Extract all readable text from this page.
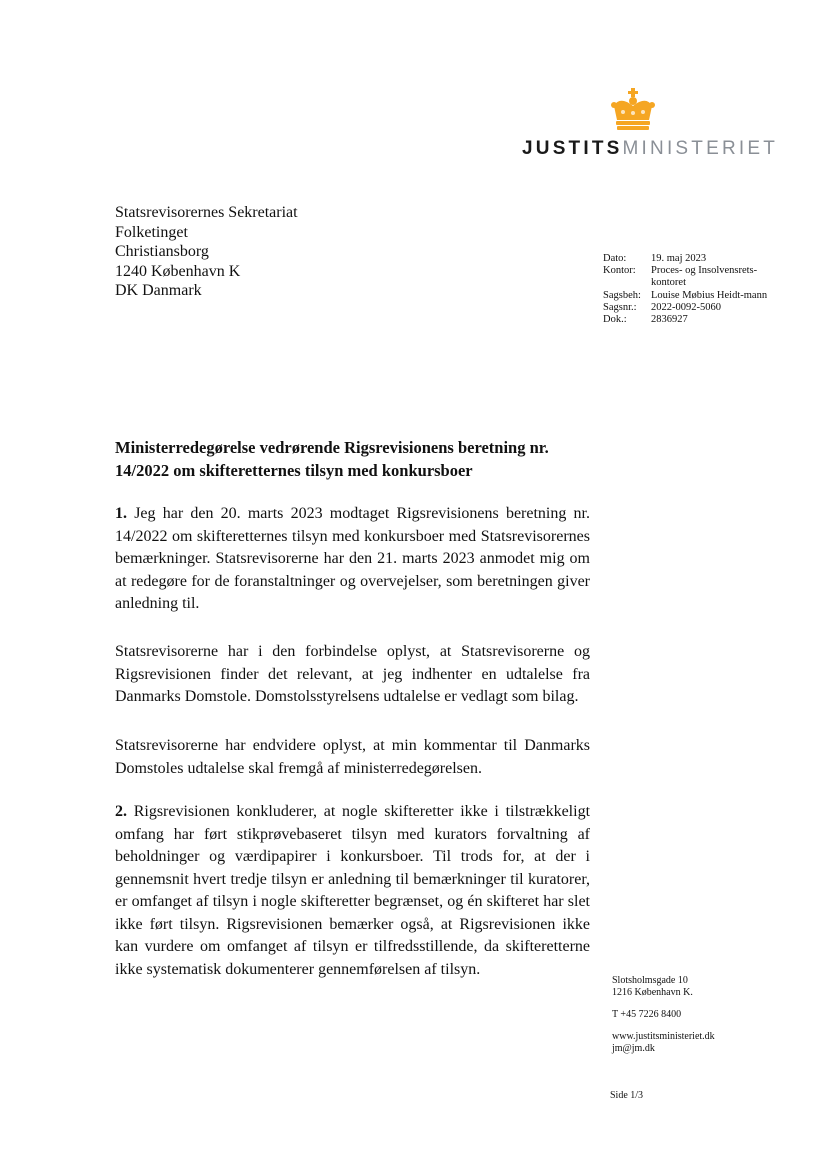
JUSTITSMINISTERIET
Statsrevisorernes Sekretariat
Folketinget
Christiansborg
1240 København K
DK Danmark
Dato:	19. maj 2023
Kontor:	Proces- og Insolvensrets-kontoret
Sagsbeh: Louise Møbius Heidt-mann
Sagsnr.:	2022-0092-5060
Dok.:	2836927
Ministerredegørelse vedrørende Rigsrevisionens beretning nr. 14/2022 om skifteretternes tilsyn med konkursboer
1. Jeg har den 20. marts 2023 modtaget Rigsrevisionens beretning nr. 14/2022 om skifteretternes tilsyn med konkursboer med Statsrevisorernes bemærkninger. Statsrevisorerne har den 21. marts 2023 anmodet mig om at redegøre for de foranstaltninger og overvejelser, som beretningen giver anledning til.
Statsrevisorerne har i den forbindelse oplyst, at Statsrevisorerne og Rigsrevisionen finder det relevant, at jeg indhenter en udtalelse fra Danmarks Domstole. Domstolsstyrelsens udtalelse er vedlagt som bilag.
Statsrevisorerne har endvidere oplyst, at min kommentar til Danmarks Domstoles udtalelse skal fremgå af ministerredegørelsen.
2. Rigsrevisionen konkluderer, at nogle skifteretter ikke i tilstrækkeligt omfang har ført stikprøvebaseret tilsyn med kurators forvaltning af beholdninger og værdipapirer i konkursboer. Til trods for, at der i gennemsnit hvert tredje tilsyn er anledning til bemærkninger til kuratorer, er omfanget af tilsyn i nogle skifteretter begrænset, og én skifteret har slet ikke ført tilsyn. Rigsrevisionen bemærker også, at Rigsrevisionen ikke kan vurdere om omfanget af tilsyn er tilfredsstillende, da skifteretterne ikke systematisk dokumenterer gennemførelsen af tilsyn.
Slotsholmsgade 10
1216 København K.
T +45 7226 8400
www.justitsministeriet.dk
jm@jm.dk
Side 1/3
